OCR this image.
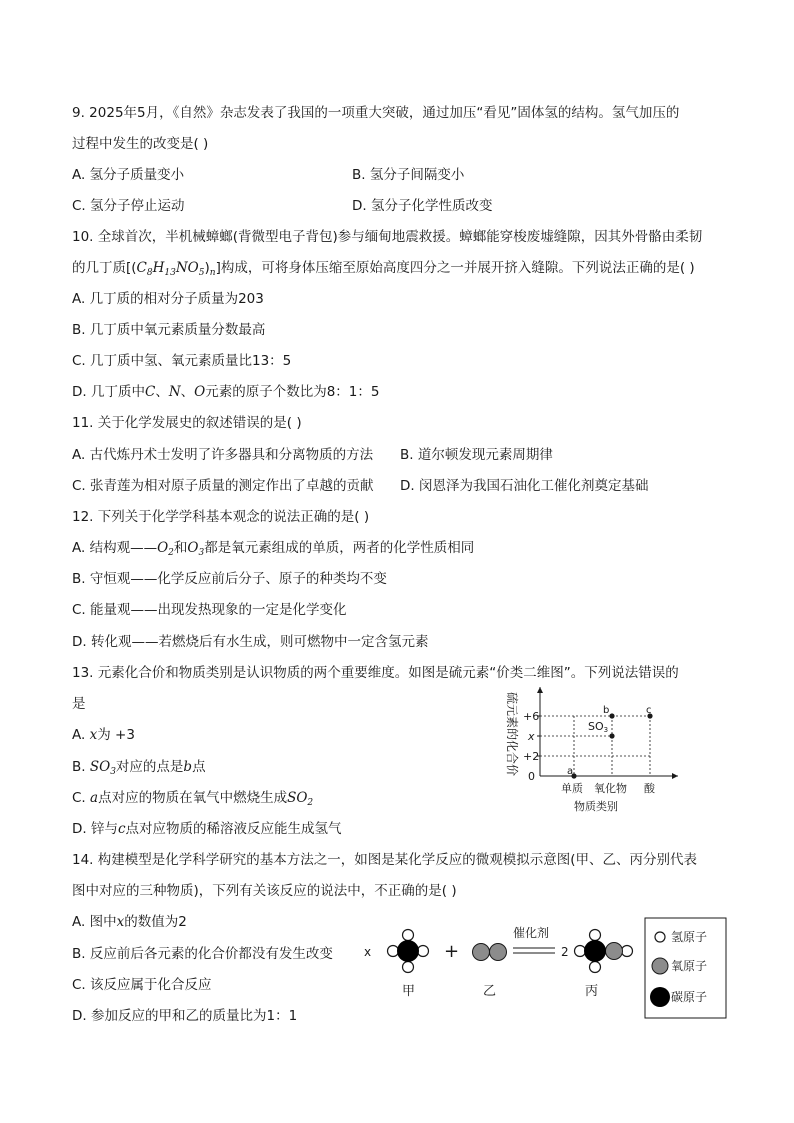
9. 2025年5月，《自然》杂志发表了我国的一项重大突破，通过加压“看见”固体氢的结构。氢气加压的
过程中发生的改变是( )
A. 氢分子质量变小	B. 氢分子间隔变小
C. 氢分子停止运动	D. 氢分子化学性质改变
10. 全球首次，半机械蟑螂(背微型电子背包)参与缅甸地震救援。蟑螂能穿梭废墟缝隙，因其外骨骼由柔韧
的几丁质$[(C_8H_{13}NO_5)_n]$构成，可将身体压缩至原始高度四分之一并展开挤入缝隙。下列说法正确的是( )
A. 几丁质的相对分子质量为203
B. 几丁质中氧元素质量分数最高
C. 几丁质中氢、氧元素质量比13：5
D. 几丁质中C、N、O元素的原子个数比为8：1：5
11. 关于化学发展史的叙述错误的是( )
A. 古代炼丹术士发明了许多器具和分离物质的方法 B. 道尔顿发现元素周期律
C. 张青莲为相对原子质量的测定作出了卓越的贡献 D. 闵恩泽为我国石油化工催化剂奠定基础
12. 下列关于化学学科基本观念的说法正确的是( )
A. 结构观$——O_2$和$O_3$都是氧元素组成的单质，两者的化学性质相同
B. 守恒观——化学反应前后分子、原子的种类均不变
C. 能量观——出现发热现象的一定是化学变化
D. 转化观——若燃烧后有水生成，则可燃物中一定含氢元素
13. 元素化合价和物质类别是认识物质的两个重要维度。如图是硫元素“价类二维图”。下列说法错误的
是
A. x为 +3
B. $SO_3$对应的点是b点
C. a点对应的物质在氧气中燃烧生成$SO_2$
D. 锌与c点对应物质的稀溶液反应能生成氢气
硫元素的化合价 +6
x
+2
0	a
b	c
SO3
单质 氧化物 酸
物质类别
14. 构建模型是化学科学研究的基本方法之一，如图是某化学反应的微观模拟示意图(甲、乙、丙分别代表
图中对应的三种物质)，下列有关该反应的说法中，不正确的是( )
A. 图中x的数值为2
B. 反应前后各元素的化合价都没有发生改变
C. 该反应属于化合反应
D. 参加反应的甲和乙的质量比为1：1
x	+
催化剂
2
甲	乙	丙
氢原子
氧原子
碳原子
